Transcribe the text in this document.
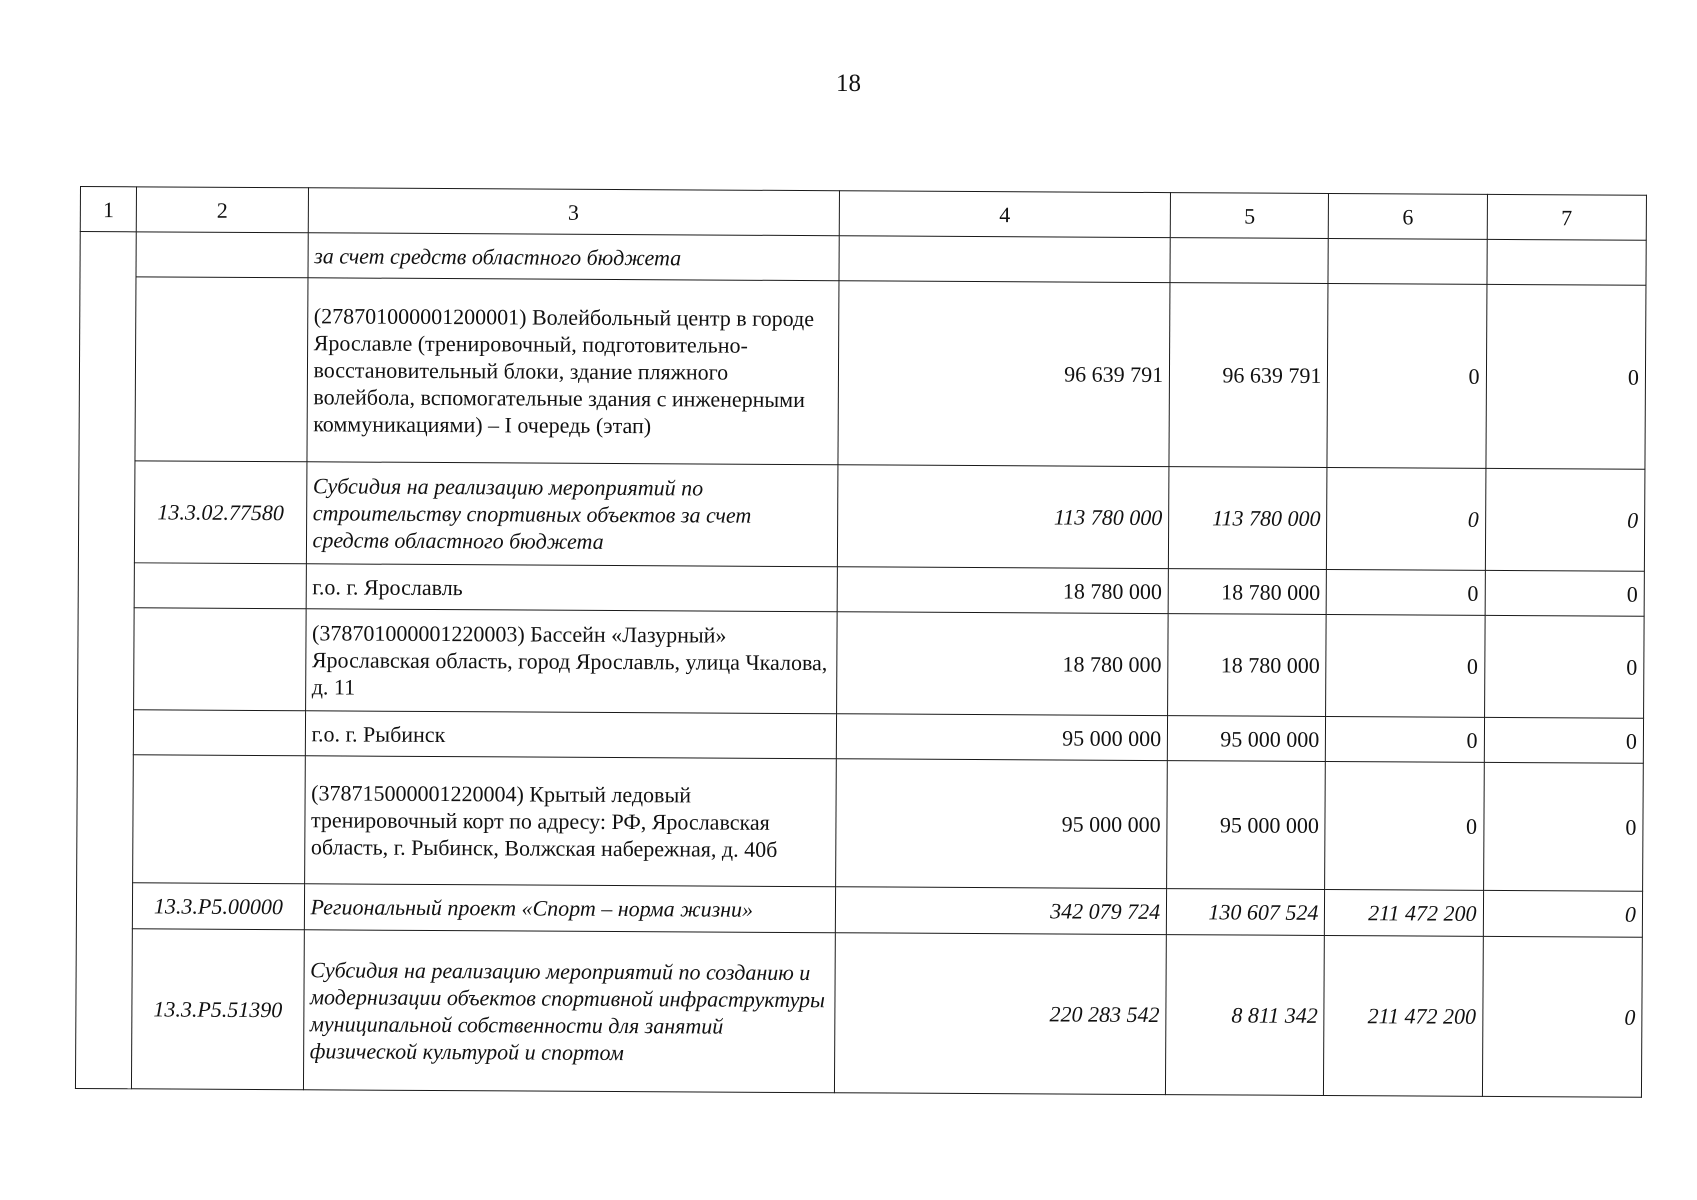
18
1	2	3	4	5	6	7
		за счет средств областного бюджета				
		(278701000001200001) Волейбольный центр в городе Ярославле (тренировочный, подготовительно-восстановительный блоки, здание пляжного волейбола, вспомогательные здания с инженерными коммуникациями) – I очередь (этап)	96 639 791	96 639 791	0	0
	13.3.02.77580	Субсидия на реализацию мероприятий по строительству спортивных объектов за счет средств областного бюджета	113 780 000	113 780 000	0	0
		г.о. г. Ярославль	18 780 000	18 780 000	0	0
		(378701000001220003) Бассейн «Лазурный» Ярославская область, город Ярославль, улица Чкалова, д. 11	18 780 000	18 780 000	0	0
		г.о. г. Рыбинск	95 000 000	95 000 000	0	0
		(378715000001220004) Крытый ледовый тренировочный корт по адресу: РФ, Ярославская область, г. Рыбинск, Волжская набережная, д. 40б	95 000 000	95 000 000	0	0
	13.3.P5.00000	Региональный проект «Спорт – норма жизни»	342 079 724	130 607 524	211 472 200	0
	13.3.P5.51390	Субсидия на реализацию мероприятий по созданию и модернизации объектов спортивной инфраструктуры муниципальной собственности для занятий физической культурой и спортом	220 283 542	8 811 342	211 472 200	0
